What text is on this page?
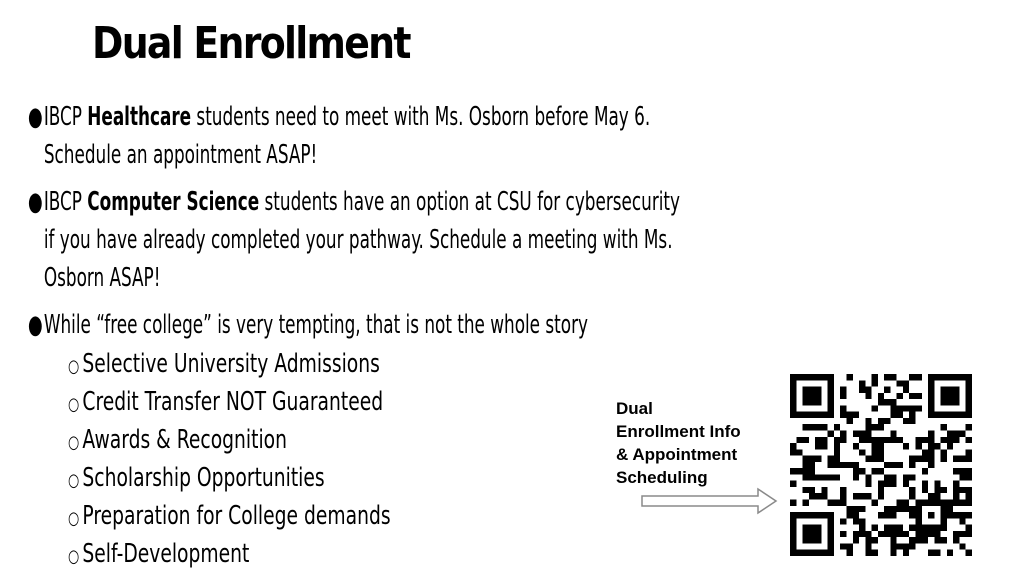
Dual Enrollment
●IBCP Healthcare students need to meet with Ms. Osborn before May 6.
Schedule an appointment ASAP!
●IBCP Computer Science students have an option at CSU for cybersecurity
if you have already completed your pathway. Schedule a meeting with Ms.
Osborn ASAP!
●While “free college” is very tempting, that is not the whole story
○ Selective University Admissions
○ Credit Transfer NOT Guaranteed
○ Awards & Recognition
○ Scholarship Opportunities
○ Preparation for College demands
○ Self-Development
Dual
Enrollment Info
& Appointment
Scheduling
